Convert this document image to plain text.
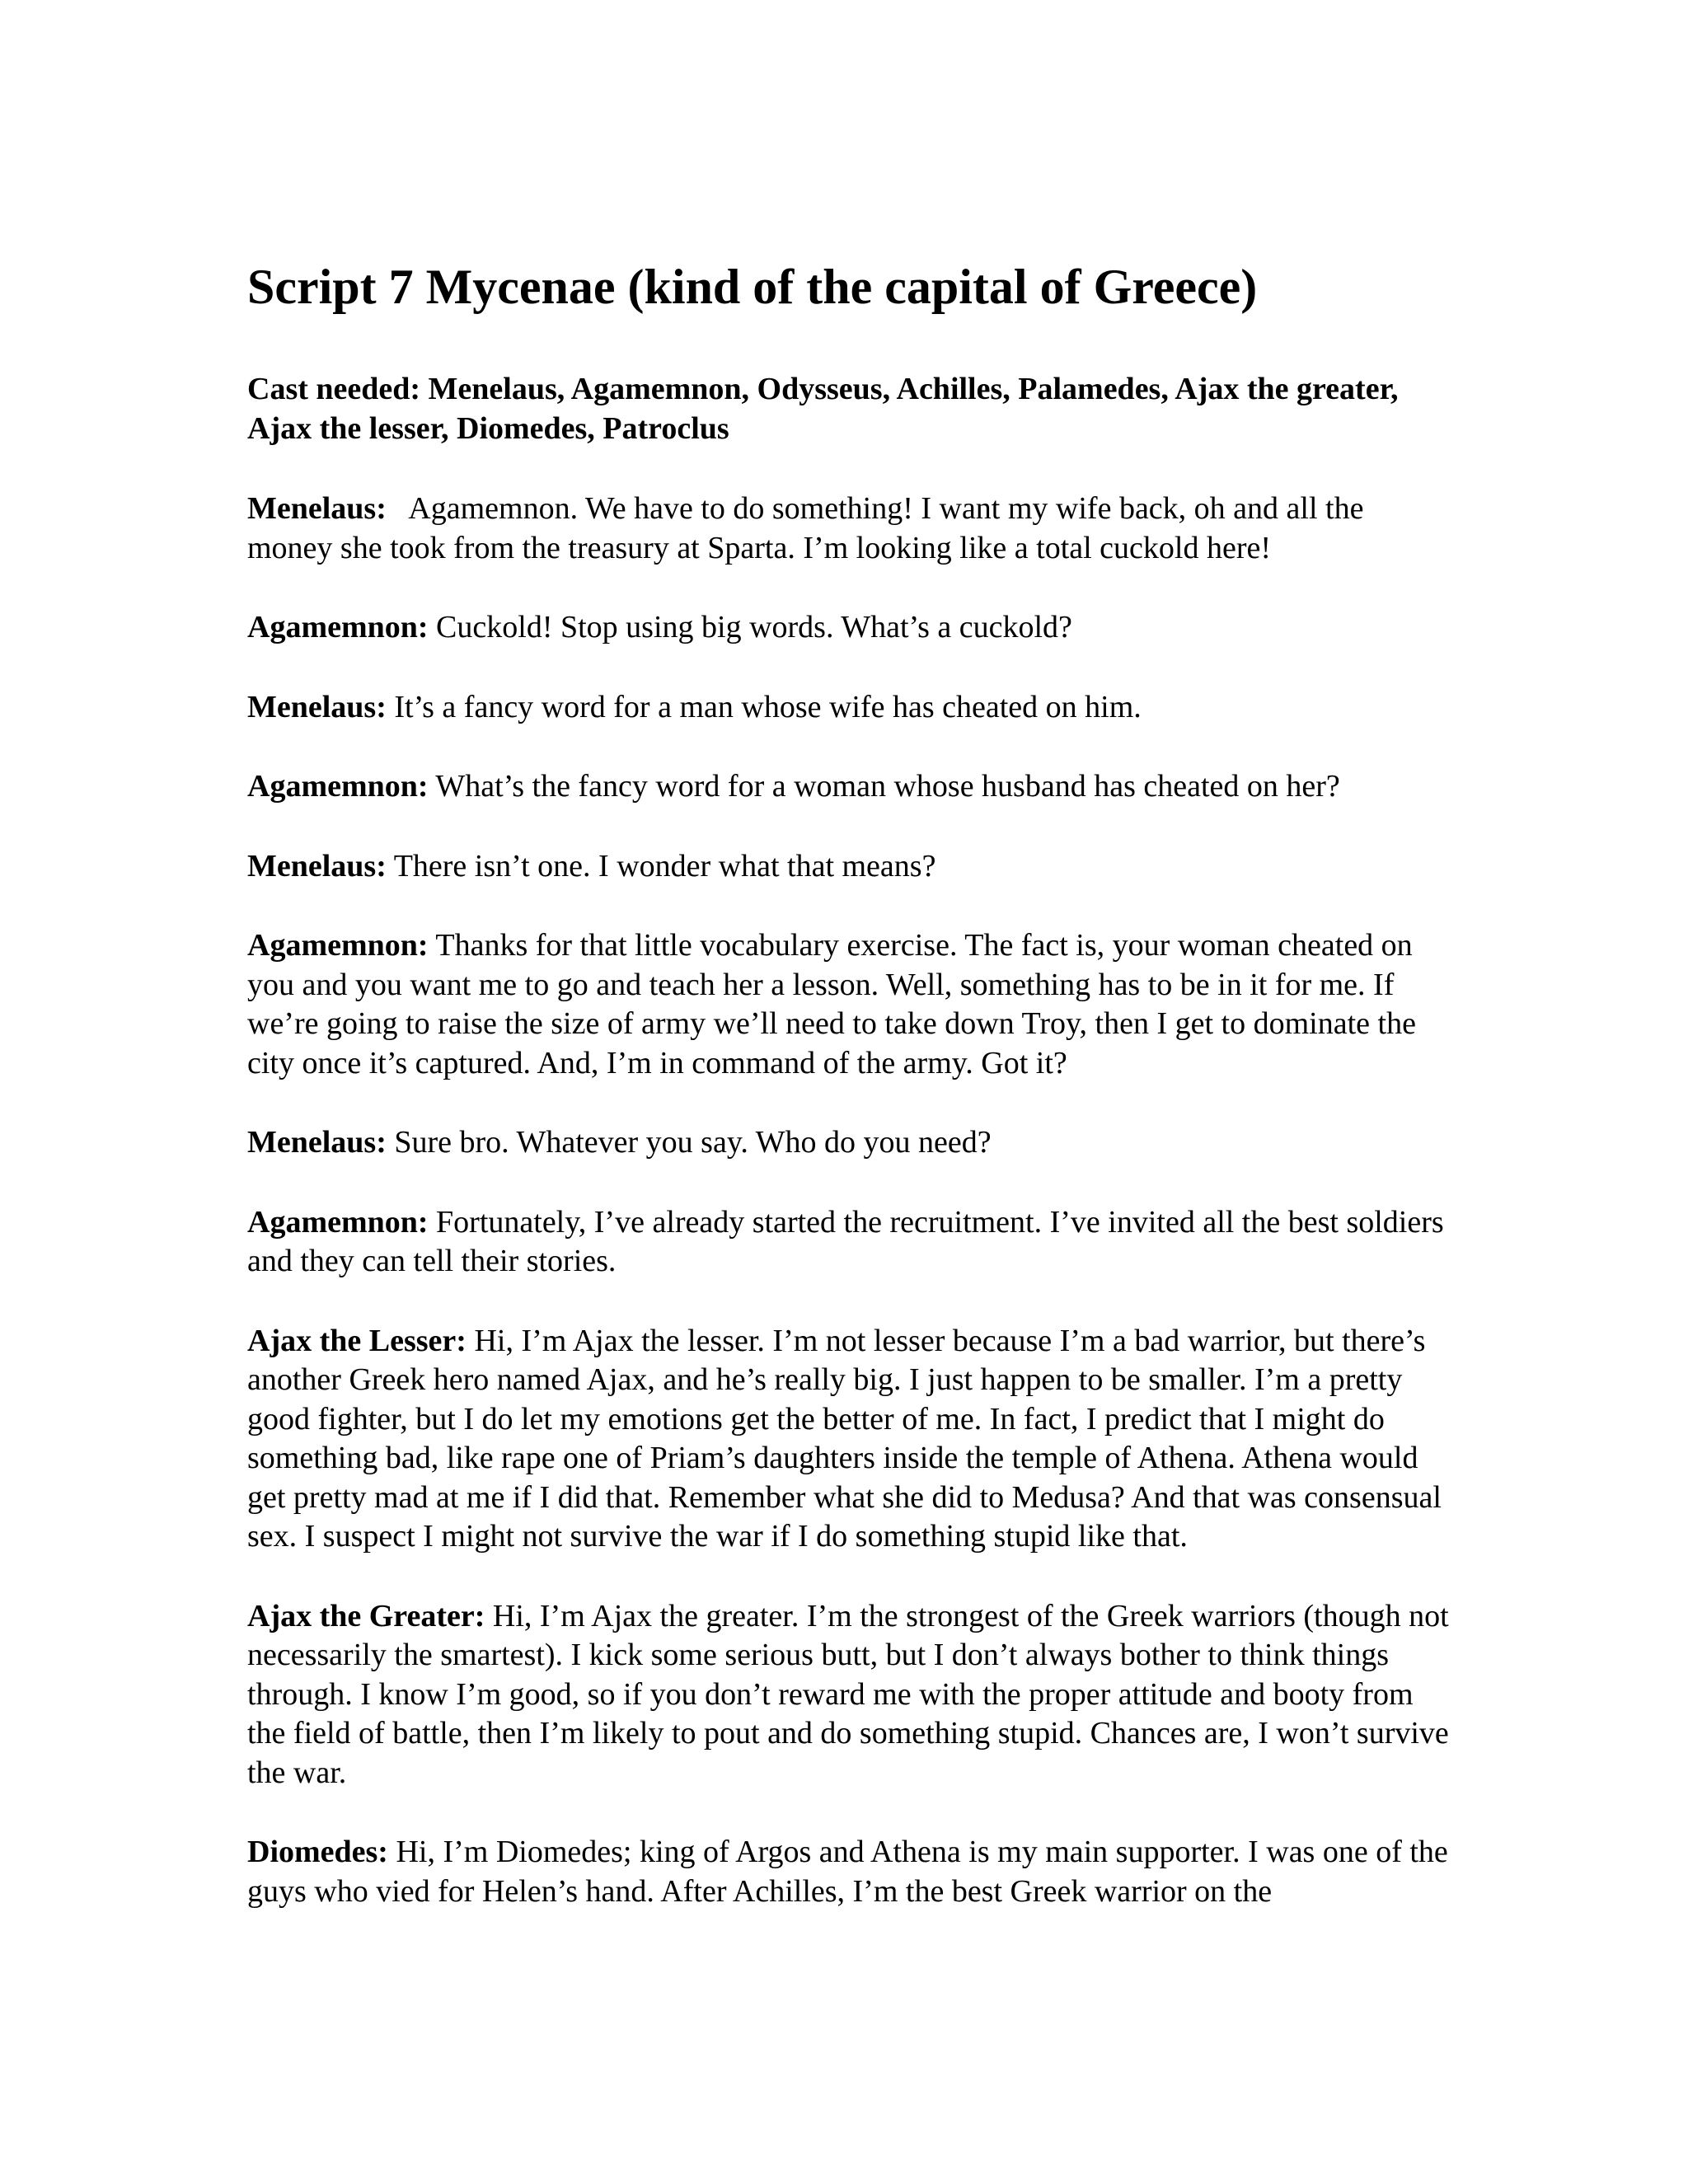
Script 7 Mycenae (kind of the capital of Greece)
Cast needed: Menelaus, Agamemnon, Odysseus, Achilles, Palamedes, Ajax the greater, Ajax the lesser, Diomedes, Patroclus
Menelaus: Agamemnon. We have to do something! I want my wife back, oh and all the money she took from the treasury at Sparta. I’m looking like a total cuckold here!
Agamemnon: Cuckold! Stop using big words. What’s a cuckold?
Menelaus: It’s a fancy word for a man whose wife has cheated on him.
Agamemnon: What’s the fancy word for a woman whose husband has cheated on her?
Menelaus: There isn’t one. I wonder what that means?
Agamemnon: Thanks for that little vocabulary exercise. The fact is, your woman cheated on you and you want me to go and teach her a lesson. Well, something has to be in it for me. If we’re going to raise the size of army we’ll need to take down Troy, then I get to dominate the city once it’s captured. And, I’m in command of the army. Got it?
Menelaus: Sure bro. Whatever you say. Who do you need?
Agamemnon: Fortunately, I’ve already started the recruitment. I’ve invited all the best soldiers and they can tell their stories.
Ajax the Lesser: Hi, I’m Ajax the lesser. I’m not lesser because I’m a bad warrior, but there’s another Greek hero named Ajax, and he’s really big. I just happen to be smaller. I’m a pretty good fighter, but I do let my emotions get the better of me. In fact, I predict that I might do something bad, like rape one of Priam’s daughters inside the temple of Athena. Athena would get pretty mad at me if I did that. Remember what she did to Medusa? And that was consensual sex. I suspect I might not survive the war if I do something stupid like that.
Ajax the Greater: Hi, I’m Ajax the greater. I’m the strongest of the Greek warriors (though not necessarily the smartest). I kick some serious butt, but I don’t always bother to think things through. I know I’m good, so if you don’t reward me with the proper attitude and booty from the field of battle, then I’m likely to pout and do something stupid. Chances are, I won’t survive the war.
Diomedes: Hi, I’m Diomedes; king of Argos and Athena is my main supporter. I was one of the guys who vied for Helen’s hand. After Achilles, I’m the best Greek warrior on the
